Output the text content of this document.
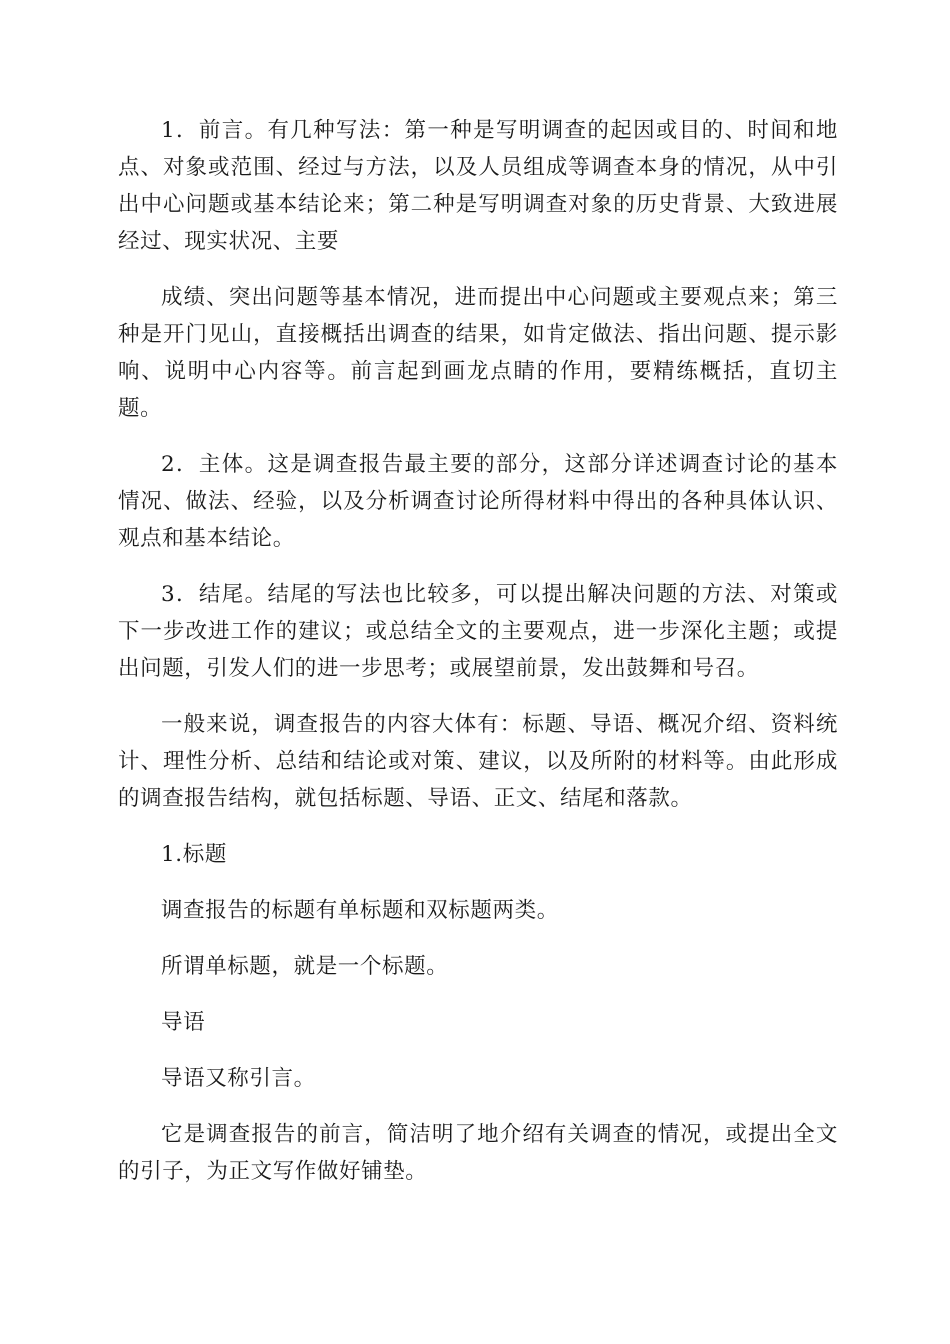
1．前言。有几种写法：第一种是写明调查的起因或目的、时间和地点、对象或范围、经过与方法，以及人员组成等调查本身的情况，从中引出中心问题或基本结论来；第二种是写明调查对象的历史背景、大致进展经过、现实状况、主要

成绩、突出问题等基本情况，进而提出中心问题或主要观点来；第三种是开门见山，直接概括出调查的结果，如肯定做法、指出问题、提示影响、说明中心内容等。前言起到画龙点睛的作用，要精练概括，直切主题。

2．主体。这是调查报告最主要的部分，这部分详述调查讨论的基本情况、做法、经验，以及分析调查讨论所得材料中得出的各种具体认识、观点和基本结论。

3．结尾。结尾的写法也比较多，可以提出解决问题的方法、对策或下一步改进工作的建议；或总结全文的主要观点，进一步深化主题；或提出问题，引发人们的进一步思考；或展望前景，发出鼓舞和号召。

一般来说，调查报告的内容大体有：标题、导语、概况介绍、资料统计、理性分析、总结和结论或对策、建议，以及所附的材料等。由此形成的调查报告结构，就包括标题、导语、正文、结尾和落款。

1.标题

调查报告的标题有单标题和双标题两类。

所谓单标题，就是一个标题。

导语

导语又称引言。

它是调查报告的前言，简洁明了地介绍有关调查的情况，或提出全文的引子，为正文写作做好铺垫。
